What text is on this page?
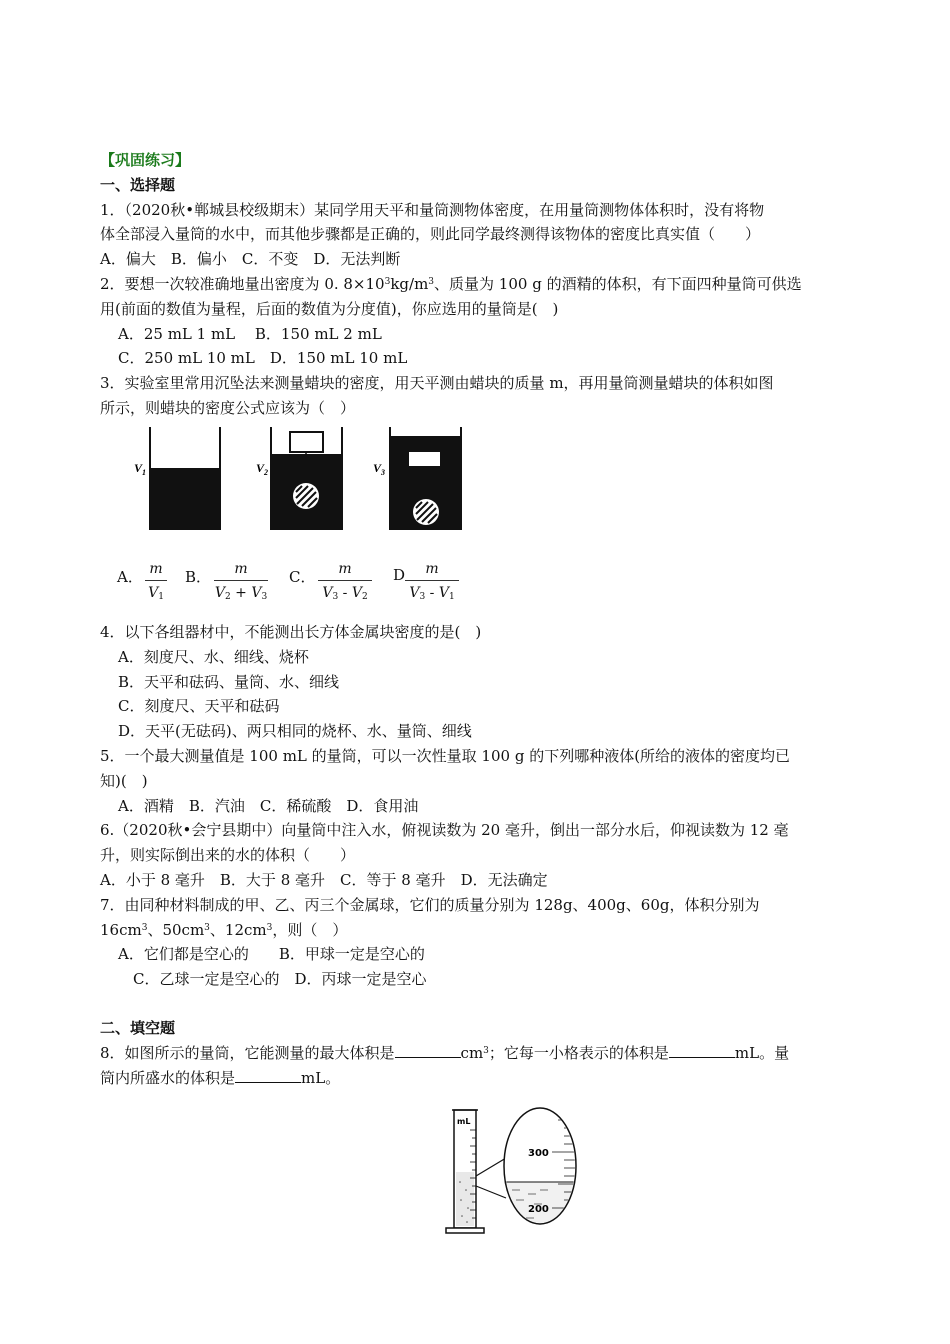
【巩固练习】
一、选择题
1．（2020秋•郸城县校级期末）某同学用天平和量筒测物体密度，在用量筒测物体体积时，没有将物
体全部浸入量筒的水中，而其他步骤都是正确的，则此同学最终测得该物体的密度比真实值（　　）
A．偏大　B．偏小　C．不变　D．无法判断
2．要想一次较准确地量出密度为 0. $8\times 10^3kg/m^3$、质量为 100 g 的酒精的体积，有下面四种量筒可供选
用(前面的数值为量程，后面的数值为分度值)，你应选用的量筒是(　)
A．25 mL 1 mL　 B．150 mL 2 mL
C．250 mL 10 mL　D．150 mL 10 mL
3．实验室里常用沉坠法来测量蜡块的密度，用天平测由蜡块的质量 m，再用量筒测量蜡块的体积如图
所示，则蜡块的密度公式应该为（　）
$V_1$	$V_2$	$V_3$
A． m
$V_1$
B．	m
$V_2 + V_3$
C．	m
$V_3 - V_2$
D	m
$V_3 - V_1$
4．以下各组器材中，不能测出长方体金属块密度的是(　)
A．刻度尺、水、细线、烧杯
B．天平和砝码、量筒、水、细线
C．刻度尺、天平和砝码
D．天平(无砝码)、两只相同的烧杯、水、量筒、细线
5．一个最大测量值是 100 mL 的量筒，可以一次性量取 100 g 的下列哪种液体(所给的液体的密度均已
知)(　)
A．酒精　B．汽油　C．稀硫酸　D．食用油
6.（2020秋•会宁县期中）向量筒中注入水，俯视读数为 20 毫升，倒出一部分水后，仰视读数为 12 毫
升，则实际倒出来的水的体积（　　）
A．小于 8 毫升　B．大于 8 毫升　C．等于 8 毫升　D．无法确定
7．由同种材料制成的甲、乙、丙三个金属球，它们的质量分别为 128g、400g、60g，体积分别为
$16cm^3$、$50cm^3$、$12cm^3$，则（　）
A．它们都是空心的　　B．甲球一定是空心的
C．乙球一定是空心的　D．丙球一定是空心
二、填空题
8．如图所示的量筒，它能测量的最大体积是	$cm^3$；它每一小格表示的体积是	mL。量
筒内所盛水的体积是	mL。
mL
300
200
